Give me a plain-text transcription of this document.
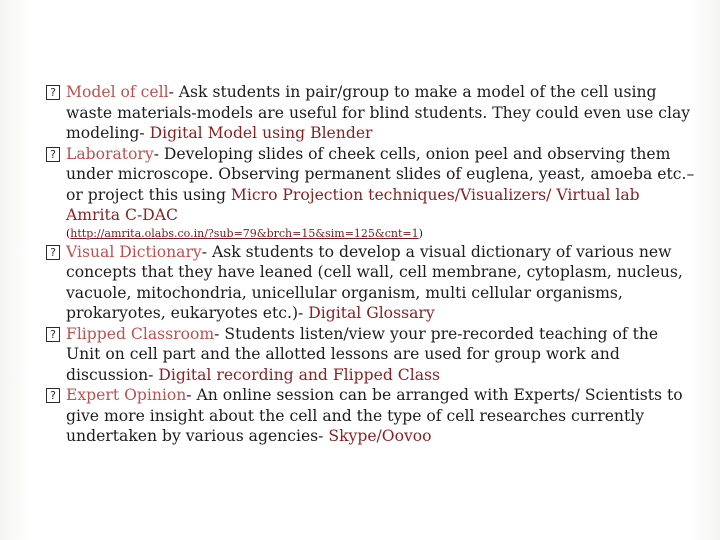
? Model of cell- Ask students in pair/group to make a model of the cell using waste materials-models are useful for blind students. They could even use clay modeling- Digital Model using Blender

? Laboratory- Developing slides of cheek cells, onion peel and observing them under microscope. Observing permanent slides of euglena, yeast, amoeba etc.– or project this using Micro Projection techniques/Visualizers/ Virtual lab Amrita C-DAC

(http://amrita.olabs.co.in/?sub=79&brch=15&sim=125&cnt=1)

? Visual Dictionary- Ask students to develop a visual dictionary of various new concepts that they have leaned (cell wall, cell membrane, cytoplasm, nucleus, vacuole, mitochondria, unicellular organism, multi cellular organisms, prokaryotes, eukaryotes etc.)- Digital Glossary

? Flipped Classroom- Students listen/view your pre-recorded teaching of the Unit on cell part and the allotted lessons are used for group work and discussion- Digital recording and Flipped Class

? Expert Opinion- An online session can be arranged with Experts/ Scientists to give more insight about the cell and the type of cell researches currently undertaken by various agencies- Skype/Oovoo
